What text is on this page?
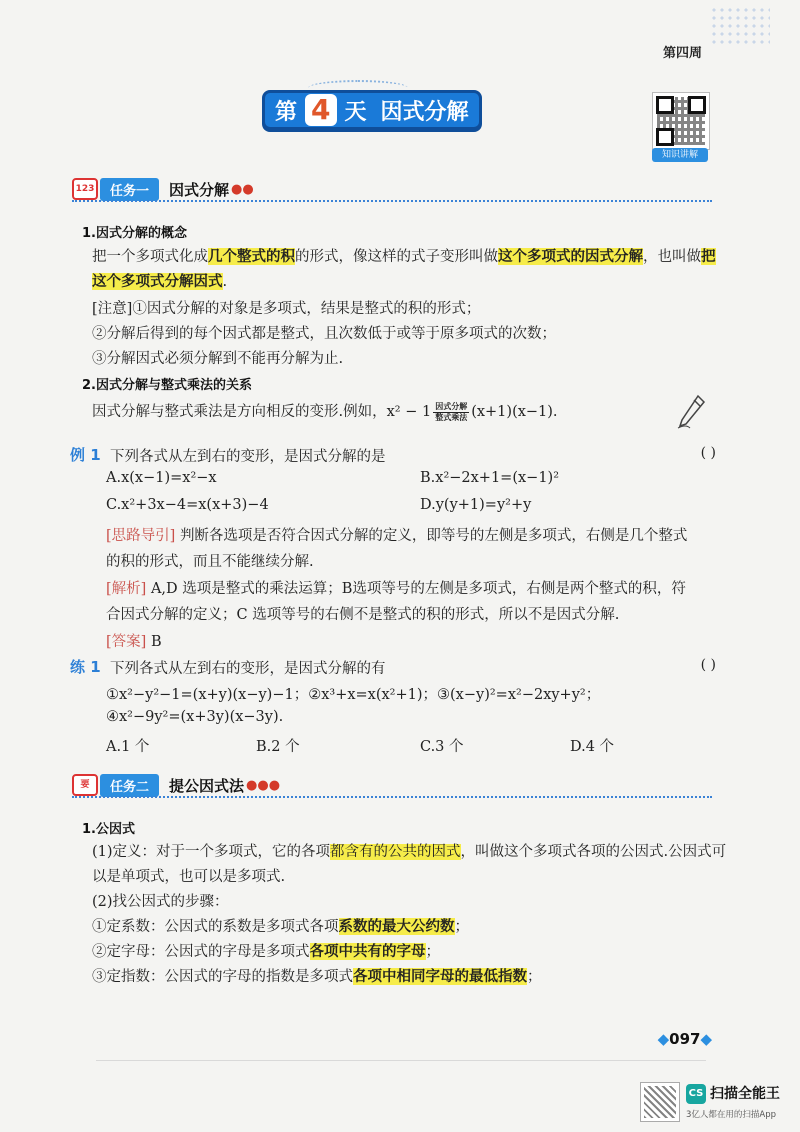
第四周
第 4 天 因式分解
知识讲解
123	任务一	因式分解 ●●
1.因式分解的概念
把一个多项式化成几个整式的积的形式，像这样的式子变形叫做这个多项式的因式分解，也叫做把
这个多项式分解因式.
[注意]①因式分解的对象是多项式，结果是整式的积的形式；
②分解后得到的每个因式都是整式，且次数低于或等于原多项式的次数；
③分解因式必须分解到不能再分解为止.
2.因式分解与整式乘法的关系
因式分解与整式乘法是方向相反的变形.例如，$x^2 - 1 \frac{\text{因式分解}}{\text{整式乘法}} (x+1)(x-1)$.
例 1 下列各式从左到右的变形，是因式分解的是	( )
A.x(x−1)=x²−x	B.x²−2x+1=(x−1)²
C.x²+3x−4=x(x+3)−4	D.y(y+1)=y²+y
[思路导引] 判断各选项是否符合因式分解的定义，即等号的左侧是多项式，右侧是几个整式
的积的形式，而且不能继续分解.
[解析] A,D 选项是整式的乘法运算；B选项等号的左侧是多项式，右侧是两个整式的积，符
合因式分解的定义；C 选项等号的右侧不是整式的积的形式，所以不是因式分解.
[答案] B
练 1 下列各式从左到右的变形，是因式分解的有	( )
①x²−y²−1=(x+y)(x−y)−1；②x³+x=x(x²+1)；③(x−y)²=x²−2xy+y²；
④x²−9y²=(x+3y)(x−3y).
A.1 个	B.2 个	C.3 个	D.4 个
要	任务二	提公因式法 ●●●
1.公因式
(1)定义：对于一个多项式，它的各项都含有的公共的因式，叫做这个多项式各项的公因式.公因式可
以是单项式，也可以是多项式.
(2)找公因式的步骤：
①定系数：公因式的系数是多项式各项系数的最大公约数；
②定字母：公因式的字母是多项式各项中共有的字母；
③定指数：公因式的字母的指数是多项式各项中相同字母的最低指数；
◆097◆
CS 扫描全能王
3亿人都在用的扫描App
